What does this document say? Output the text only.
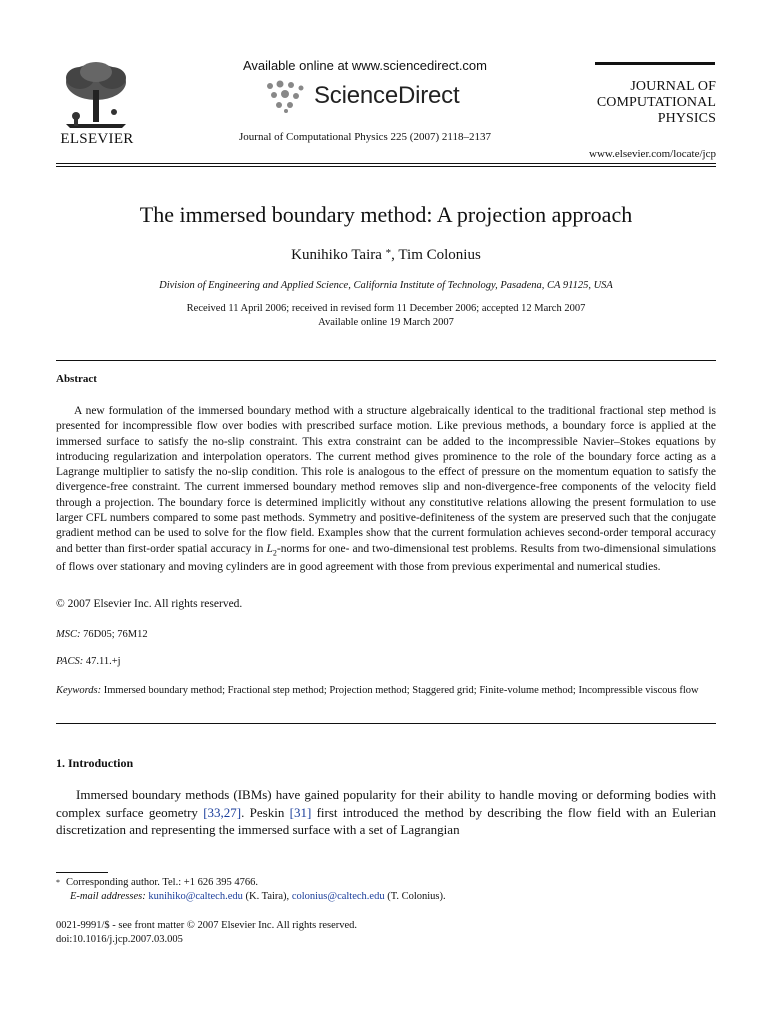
ELSEVIER
Available online at www.sciencedirect.com
ScienceDirect
Journal of Computational Physics 225 (2007) 2118–2137
JOURNAL OF
COMPUTATIONAL
PHYSICS
www.elsevier.com/locate/jcp
The immersed boundary method: A projection approach
Kunihiko Taira *, Tim Colonius
Division of Engineering and Applied Science, California Institute of Technology, Pasadena, CA 91125, USA
Received 11 April 2006; received in revised form 11 December 2006; accepted 12 March 2007
Available online 19 March 2007
Abstract
A new formulation of the immersed boundary method with a structure algebraically identical to the traditional fractional step method is presented for incompressible flow over bodies with prescribed surface motion. Like previous methods, a boundary force is applied at the immersed surface to satisfy the no-slip constraint. This extra constraint can be added to the incompressible Navier–Stokes equations by introducing regularization and interpolation operators. The current method gives prominence to the role of the boundary force acting as a Lagrange multiplier to satisfy the no-slip condition. This role is analogous to the effect of pressure on the momentum equation to satisfy the divergence-free constraint. The current immersed boundary method removes slip and non-divergence-free components of the velocity field through a projection. The boundary force is determined implicitly without any constitutive relations allowing the present formulation to use larger CFL numbers compared to some past methods. Symmetry and positive-definiteness of the system are preserved such that the conjugate gradient method can be used to solve for the flow field. Examples show that the current formulation achieves second-order temporal accuracy and better than first-order spatial accuracy in $L_2$-norms for one- and two-dimensional test problems. Results from two-dimensional simulations of flows over stationary and moving cylinders are in good agreement with those from previous experimental and numerical studies.
© 2007 Elsevier Inc. All rights reserved.
MSC: 76D05; 76M12
PACS: 47.11.+j
Keywords: Immersed boundary method; Fractional step method; Projection method; Staggered grid; Finite-volume method; Incompressible viscous flow
1. Introduction
Immersed boundary methods (IBMs) have gained popularity for their ability to handle moving or deforming bodies with complex surface geometry [33,27]. Peskin [31] first introduced the method by describing the flow field with an Eulerian discretization and representing the immersed surface with a set of Lagrangian
* Corresponding author. Tel.: +1 626 395 4766.
E-mail addresses: kunihiko@caltech.edu (K. Taira), colonius@caltech.edu (T. Colonius).
0021-9991/$ - see front matter © 2007 Elsevier Inc. All rights reserved.
doi:10.1016/j.jcp.2007.03.005
